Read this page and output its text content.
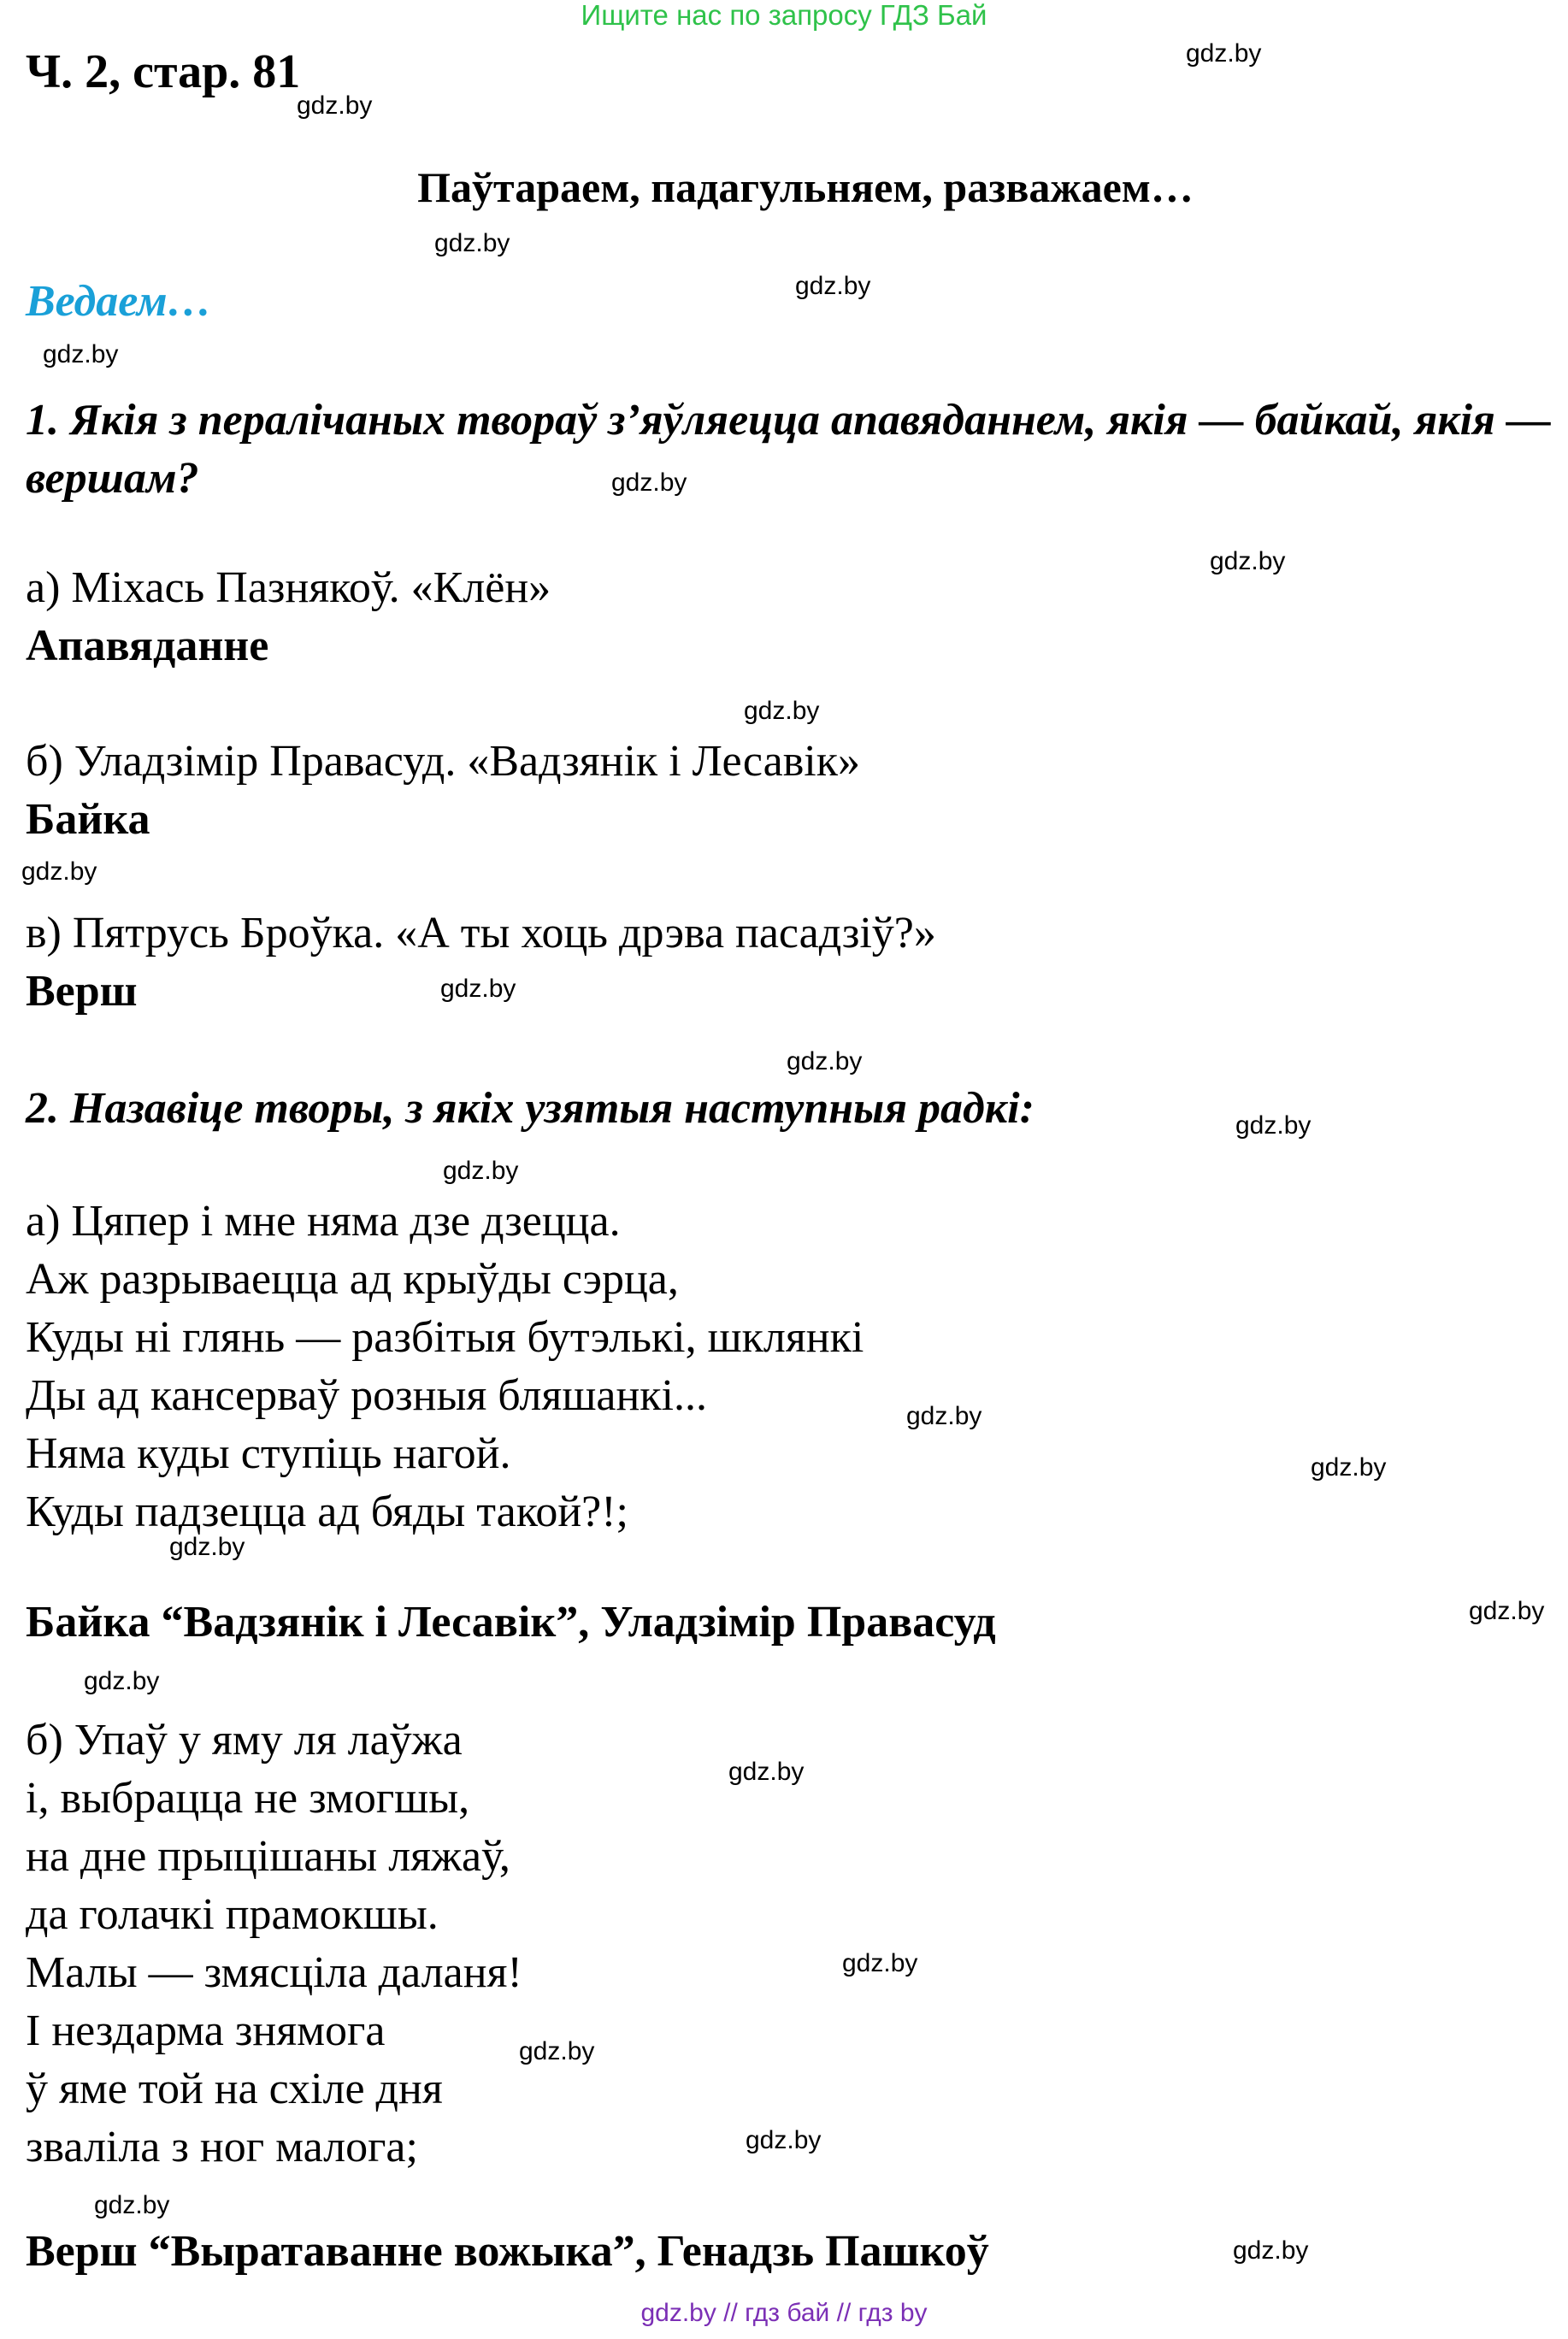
Ищите нас по запросу ГДЗ Бай
Ч. 2, стар. 81
Паўтараем, падагульняем, разважаем…
Ведаем…
1. Якія з пералічаных твораў з’яўляецца апавяданнем, якія — байкай, якія — вершам?
а) Міхась Пазнякоў. «Клён»
Апавяданне
б) Уладзімір Правасуд. «Вадзянік і Лесавік»
Байка
в) Пятрусь Броўка. «А ты хоць дрэва пасадзіў?»
Верш
2. Назавіце творы, з якіх узятыя наступныя радкі:
а) Цяпер і мне няма дзе дзецца.
Аж разрываецца ад крыўды сэрца,
Куды ні глянь — разбітыя бутэлькі, шклянкі
Ды ад кансерваў розныя бляшанкі...
Няма куды ступіць нагой.
Куды падзецца ад бяды такой?!;
Байка “Вадзянік і Лесавік”, Уладзімір Правасуд
б) Упаў у яму ля лаўжа
і, выбрацца не змогшы,
на дне прыцішаны ляжаў,
да голачкі прамокшы.
Малы — змясціла даланя!
І нездарма знямога
ў яме той на схіле дня
зваліла з ног малога;
Верш “Выратаванне вожыка”, Генадзь Пашкоў
gdz.by
gdz.by
gdz.by
gdz.by
gdz.by
gdz.by
gdz.by
gdz.by
gdz.by
gdz.by
gdz.by
gdz.by
gdz.by
gdz.by
gdz.by
gdz.by
gdz.by
gdz.by
gdz.by
gdz.by
gdz.by
gdz.by
gdz.by
gdz.by
gdz.by // гдз бай // гдз by
